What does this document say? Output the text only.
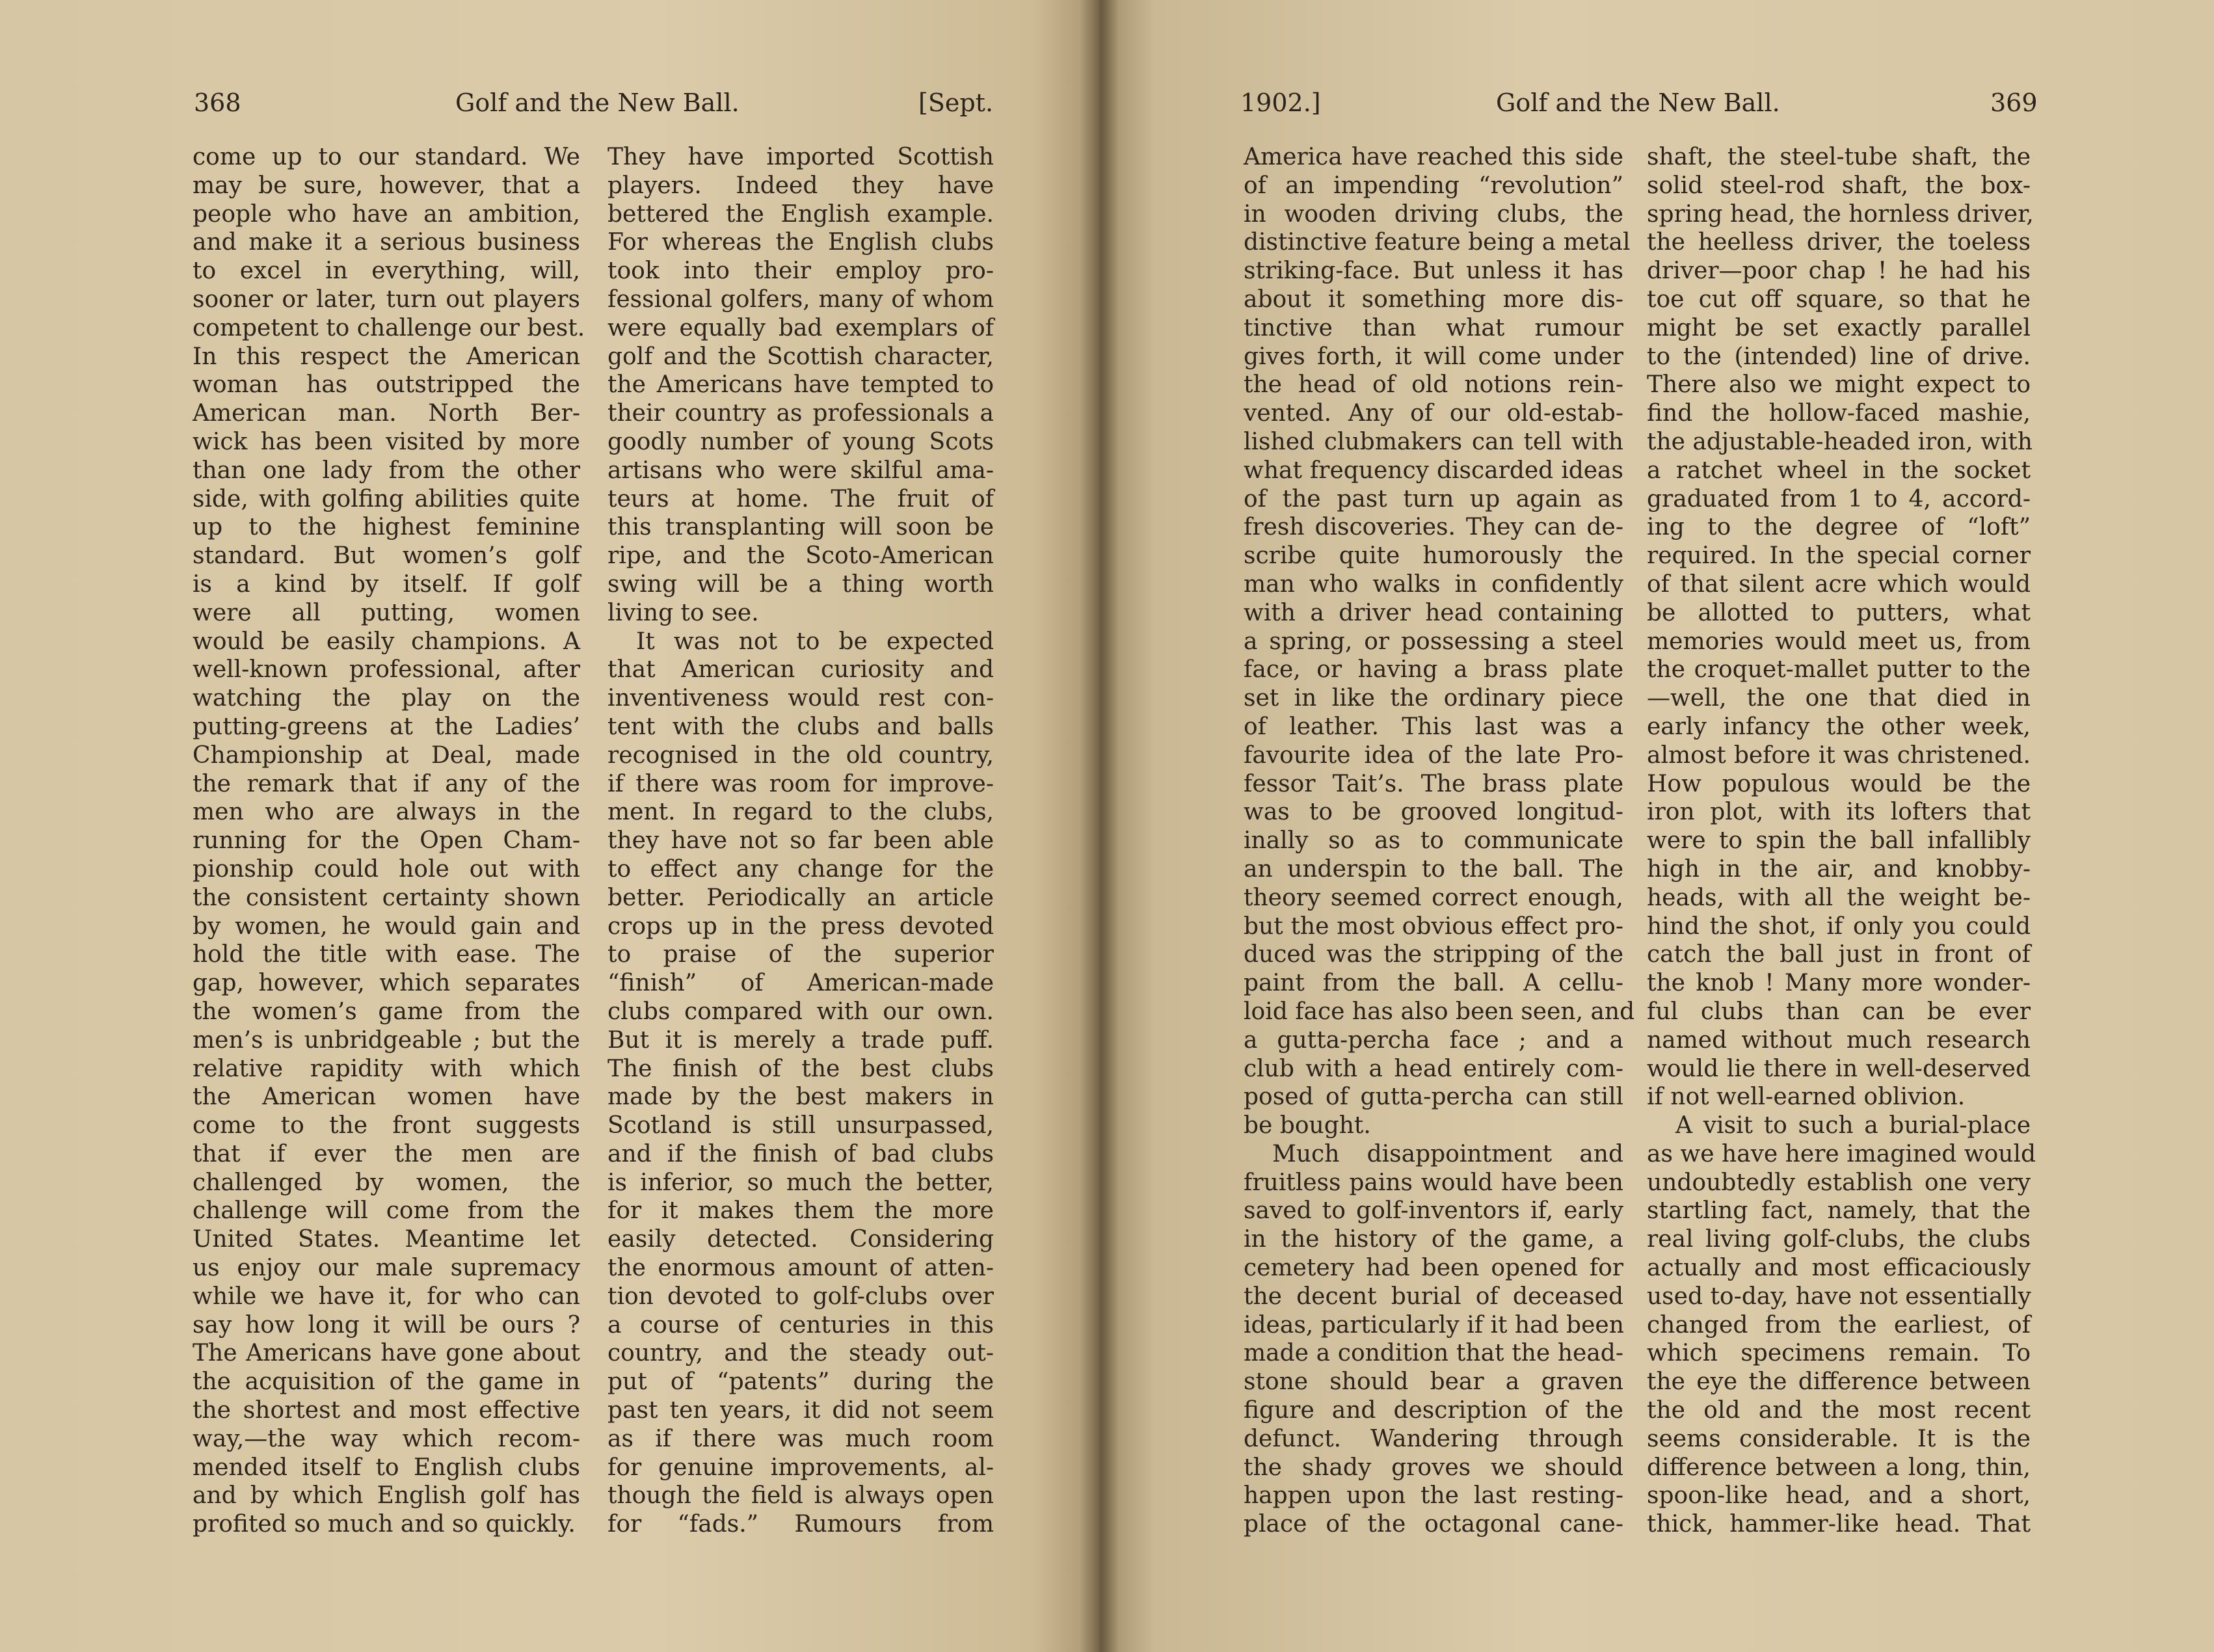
368	Golf and the New Ball.	[Sept.
come up to our standard. We
may be sure, however, that a
people who have an ambition,
and make it a serious business
to excel in everything, will,
sooner or later, turn out players
competent to challenge our best.
In this respect the American
woman has outstripped the
American man. North Ber-
wick has been visited by more
than one lady from the other
side, with golfing abilities quite
up to the highest feminine
standard. But women’s golf
is a kind by itself. If golf
were all putting, women
would be easily champions. A
well-known professional, after
watching the play on the
putting-greens at the Ladies’
Championship at Deal, made
the remark that if any of the
men who are always in the
running for the Open Cham-
pionship could hole out with
the consistent certainty shown
by women, he would gain and
hold the title with ease. The
gap, however, which separates
the women’s game from the
men’s is unbridgeable ; but the
relative rapidity with which
the American women have
come to the front suggests
that if ever the men are
challenged by women, the
challenge will come from the
United States. Meantime let
us enjoy our male supremacy
while we have it, for who can
say how long it will be ours ?
The Americans have gone about
the acquisition of the game in
the shortest and most effective
way,—the way which recom-
mended itself to English clubs
and by which English golf has
profited so much and so quickly.
They have imported Scottish
players. Indeed they have
bettered the English example.
For whereas the English clubs
took into their employ pro-
fessional golfers, many of whom
were equally bad exemplars of
golf and the Scottish character,
the Americans have tempted to
their country as professionals a
goodly number of young Scots
artisans who were skilful ama-
teurs at home. The fruit of
this transplanting will soon be
ripe, and the Scoto-American
swing will be a thing worth
living to see.
It was not to be expected
that American curiosity and
inventiveness would rest con-
tent with the clubs and balls
recognised in the old country,
if there was room for improve-
ment. In regard to the clubs,
they have not so far been able
to effect any change for the
better. Periodically an article
crops up in the press devoted
to praise of the superior
“finish” of American-made
clubs compared with our own.
But it is merely a trade puff.
The finish of the best clubs
made by the best makers in
Scotland is still unsurpassed,
and if the finish of bad clubs
is inferior, so much the better,
for it makes them the more
easily detected. Considering
the enormous amount of atten-
tion devoted to golf-clubs over
a course of centuries in this
country, and the steady out-
put of “patents” during the
past ten years, it did not seem
as if there was much room
for genuine improvements, al-
though the field is always open
for “fads.” Rumours from
1902.]	Golf and the New Ball.	369
America have reached this side
of an impending “revolution”
in wooden driving clubs, the
distinctive feature being a metal
striking-face. But unless it has
about it something more dis-
tinctive than what rumour
gives forth, it will come under
the head of old notions rein-
vented. Any of our old-estab-
lished clubmakers can tell with
what frequency discarded ideas
of the past turn up again as
fresh discoveries. They can de-
scribe quite humorously the
man who walks in confidently
with a driver head containing
a spring, or possessing a steel
face, or having a brass plate
set in like the ordinary piece
of leather. This last was a
favourite idea of the late Pro-
fessor Tait’s. The brass plate
was to be grooved longitud-
inally so as to communicate
an underspin to the ball. The
theory seemed correct enough,
but the most obvious effect pro-
duced was the stripping of the
paint from the ball. A cellu-
loid face has also been seen, and
a gutta-percha face ; and a
club with a head entirely com-
posed of gutta-percha can still
be bought.
Much disappointment and
fruitless pains would have been
saved to golf-inventors if, early
in the history of the game, a
cemetery had been opened for
the decent burial of deceased
ideas, particularly if it had been
made a condition that the head-
stone should bear a graven
figure and description of the
defunct. Wandering through
the shady groves we should
happen upon the last resting-
place of the octagonal cane-
shaft, the steel-tube shaft, the
solid steel-rod shaft, the box-
spring head, the hornless driver,
the heelless driver, the toeless
driver—poor chap ! he had his
toe cut off square, so that he
might be set exactly parallel
to the (intended) line of drive.
There also we might expect to
find the hollow-faced mashie,
the adjustable-headed iron, with
a ratchet wheel in the socket
graduated from 1 to 4, accord-
ing to the degree of “loft”
required. In the special corner
of that silent acre which would
be allotted to putters, what
memories would meet us, from
the croquet-mallet putter to the
—well, the one that died in
early infancy the other week,
almost before it was christened.
How populous would be the
iron plot, with its lofters that
were to spin the ball infallibly
high in the air, and knobby-
heads, with all the weight be-
hind the shot, if only you could
catch the ball just in front of
the knob ! Many more wonder-
ful clubs than can be ever
named without much research
would lie there in well-deserved
if not well-earned oblivion.
A visit to such a burial-place
as we have here imagined would
undoubtedly establish one very
startling fact, namely, that the
real living golf-clubs, the clubs
actually and most efficaciously
used to-day, have not essentially
changed from the earliest, of
which specimens remain. To
the eye the difference between
the old and the most recent
seems considerable. It is the
difference between a long, thin,
spoon-like head, and a short,
thick, hammer-like head. That
